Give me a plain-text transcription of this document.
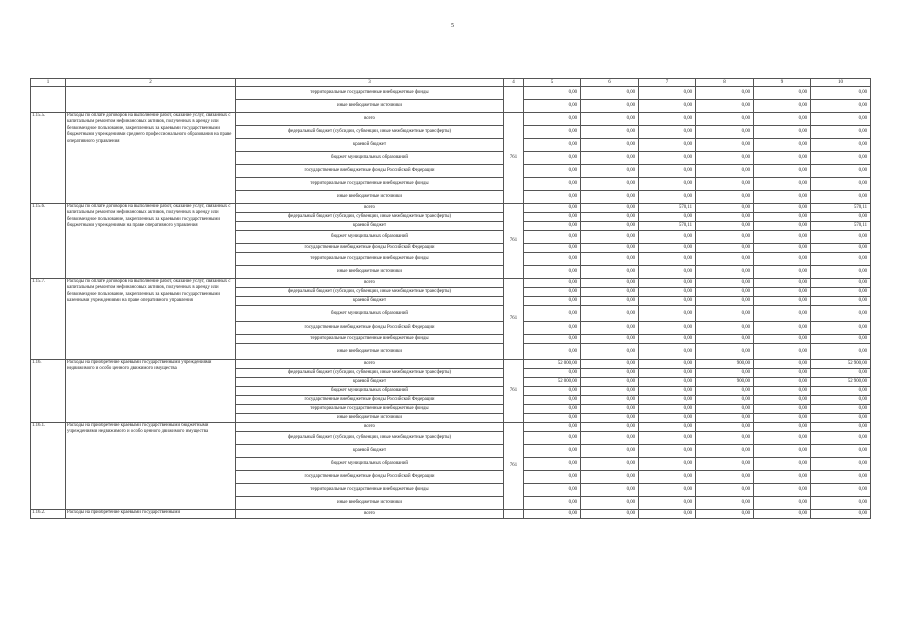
5
1	2	3	4	5	6	7	8	9	10
		территориальные государственные внебюджетные фонды		0,00	0,00	0,00	0,00	0,00	0,00
		иные внебюджетные источники		0,00	0,00	0,00	0,00	0,00	0,00
1.15.5.	Расходы по оплате договоров на выполнение работ, оказание услуг, связанных с капитальным ремонтом нефинансовых активов, полученных в аренду или безвозмездное пользование, закрепленных за краевыми государственными бюджетными учреждениями среднего профессионального образования на праве оперативного управления	всего	761	0,00	0,00	0,00	0,00	0,00	0,00
		федеральный бюджет (субсидии, субвенции, иные межбюджетные трансферты)		0,00	0,00	0,00	0,00	0,00	0,00
		краевой бюджет		0,00	0,00	0,00	0,00	0,00	0,00
		бюджет муниципальных образований		0,00	0,00	0,00	0,00	0,00	0,00
		государственные внебюджетные фонды Российской Федерации		0,00	0,00	0,00	0,00	0,00	0,00
		территориальные государственные внебюджетные фонды		0,00	0,00	0,00	0,00	0,00	0,00
		иные внебюджетные источники		0,00	0,00	0,00	0,00	0,00	0,00
1.15.6.	Расходы по оплате договоров на выполнение работ, оказание услуг, связанных с капитальным ремонтом нефинансовых активов, полученных в аренду или безвозмездное пользование, закрепленных за краевыми государственными бюджетными учреждениями на праве оперативного управления	всего	761	0,00	0,00	570,11	0,00	0,00	570,11
		федеральный бюджет (субсидии, субвенции, иные межбюджетные трансферты)		0,00	0,00	0,00	0,00	0,00	0,00
		краевой бюджет		0,00	0,00	570,11	0,00	0,00	570,11
		бюджет муниципальных образований		0,00	0,00	0,00	0,00	0,00	0,00
		государственные внебюджетные фонды Российской Федерации		0,00	0,00	0,00	0,00	0,00	0,00
		территориальные государственные внебюджетные фонды		0,00	0,00	0,00	0,00	0,00	0,00
		иные внебюджетные источники		0,00	0,00	0,00	0,00	0,00	0,00
1.15.7.	Расходы по оплате договоров на выполнение работ, оказание услуг, связанных с капитальным ремонтом нефинансовых активов, полученных в аренду или безвозмездное пользование, закрепленных за краевыми государственными казенными учреждениями на праве оперативного управления	всего	761	0,00	0,00	0,00	0,00	0,00	0,00
		федеральный бюджет (субсидии, субвенции, иные межбюджетные трансферты)		0,00	0,00	0,00	0,00	0,00	0,00
		краевой бюджет		0,00	0,00	0,00	0,00	0,00	0,00
		бюджет муниципальных образований		0,00	0,00	0,00	0,00	0,00	0,00
		государственные внебюджетные фонды Российской Федерации		0,00	0,00	0,00	0,00	0,00	0,00
		территориальные государственные внебюджетные фонды		0,00	0,00	0,00	0,00	0,00	0,00
		иные внебюджетные источники		0,00	0,00	0,00	0,00	0,00	0,00
1.16.	Расходы на приобретение краевыми государственными учреждениями недвижимого и особо ценного движимого имущества	всего	761	52 000,00	0,00	0,00	900,00	0,00	52 900,00
		федеральный бюджет (субсидии, субвенции, иные межбюджетные трансферты)		0,00	0,00	0,00	0,00	0,00	0,00
		краевой бюджет		52 000,00	0,00	0,00	900,00	0,00	52 900,00
		бюджет муниципальных образований		0,00	0,00	0,00	0,00	0,00	0,00
		государственные внебюджетные фонды Российской Федерации		0,00	0,00	0,00	0,00	0,00	0,00
		территориальные государственные внебюджетные фонды		0,00	0,00	0,00	0,00	0,00	0,00
		иные внебюджетные источники		0,00	0,00	0,00	0,00	0,00	0,00
1.16.1.	Расходы на приобретение краевыми государственными бюджетными учреждениями недвижимого и особо ценного движимого имущества	всего	761	0,00	0,00	0,00	0,00	0,00	0,00
		федеральный бюджет (субсидии, субвенции, иные межбюджетные трансферты)		0,00	0,00	0,00	0,00	0,00	0,00
		краевой бюджет		0,00	0,00	0,00	0,00	0,00	0,00
		бюджет муниципальных образований		0,00	0,00	0,00	0,00	0,00	0,00
		государственные внебюджетные фонды Российской Федерации		0,00	0,00	0,00	0,00	0,00	0,00
		территориальные государственные внебюджетные фонды		0,00	0,00	0,00	0,00	0,00	0,00
		иные внебюджетные источники		0,00	0,00	0,00	0,00	0,00	0,00
1.16.2.	Расходы на приобретение краевыми государственными	всего		0,00	0,00	0,00	0,00	0,00	0,00
